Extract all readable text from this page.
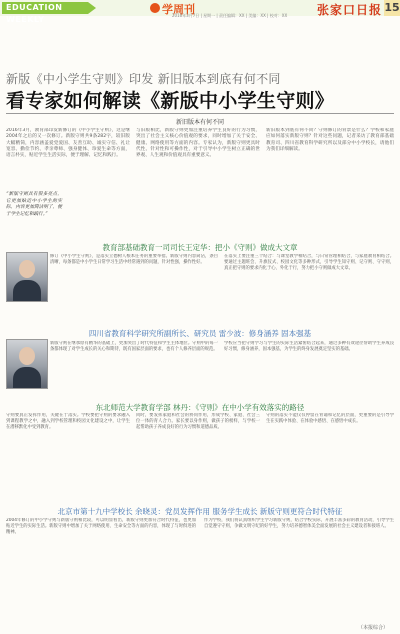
EDUCATION WEEKLY
学周刊
2016年3月7日 | 星期一 | 责任编辑：XX | 美编：XX | 校对：XX 张家口日报 15
新版《中小学生守则》印发 新旧版本到底有何不同
看专家如何解读《新版中小学生守则》
新旧版本有何不同
2016年3月，教育部印发新修订的《中小学生守则》，这是继2004年之后的又一次修订。新版守则共9条282字，较旧版大幅精简，内容涵盖爱党爱国、友善互助、诚实守信、礼让宽容、勤俭节约、孝亲尊师、强身健体、珍爱生命等方面，语言朴实，贴近学生生活实际，便于理解、记忆和践行。
“新版守则具有很多亮点，它更加贴近中小学生的实际，内容更加简洁明了，便于学生记忆和践行。”
与旧版相比，新版守则更加注重培养学生良好的行为习惯，突出了社会主义核心价值观的要求，同时增加了关于安全、健康、网络使用等方面的内容。专家认为，新版守则更具时代性、针对性和可操作性，对于引导中小学生树立正确的世界观、人生观和价值观具有重要意义。
新旧版本到底有何不同？守则修订的背景是什么？学校和家庭应如何落实新版守则？针对这些问题，记者采访了教育部基础教育司、四川省教育科学研究所以及部分中小学校长，请他们为我们详细解读。
教育部基础教育一司司长王定华：把小《守则》做成大文章
修订《中小学生守则》，是落实立德树人根本任务的重要举措。新版守则内容简洁，条目清晰，每条都是中小学生日常学习生活中经常遇到的问题，针对性强，操作性好。
在落实上要注重三个结合：与课堂教学相结合，与日常管理相结合，与家庭教育相结合。要通过主题班会、升旗仪式、校园文化等多种形式，引导学生知守则、记守则、守守则，真正把守则的要求内化于心、外化于行，努力把小守则做成大文章。
四川省教育科学研究所副所长、研究员 雷少波：修身涵养 固本强基
新版守则在继承原有精华的基础上，更加突出了时代特征和学生主体地位。守则中的每一条都体现了对学生成长的关心和期待，既有国家层面的要求，也有个人修养层面的规范。
学校应当把守则学习与学生的实际生活紧密结合起来，通过多种有效途径帮助学生养成良好习惯，修身涵养，固本强基，为学生的终身发展奠定坚实的基础。
东北师范大学教育学部 林丹：《守则》在中小学有效落实的路径
守则要真正发挥作用，关键在于落实。学校要把守则的要求融入到课程教学之中，融入到学校管理和校园文化建设之中，让学生在潜移默化中受到教育。
同时，要发挥家庭和社会的协同作用，形成学校、家庭、社会三位一体的育人合力。家长要以身作则，做孩子的榜样，与学校一起帮助孩子养成良好的行为习惯和道德品质。
守则的落实不能仅仅停留在背诵和记忆的层面，更重要的是引导学生在实践中体验、在体验中感悟、在感悟中成长。
北京市第十九中学校长 余晓灵：党员发挥作用 服务学生成长 新版守则更符合时代特征
2004年修订的中小学守则与新版守则相比较，可以明显看出，新版守则更加符合时代特征，也更加贴近学生的实际生活。新版守则中增加了关于网络使用、生命安全等方面的内容，体现了与时俱进的精神。
作为学校，我们将认真组织学生学习新版守则，结合学校实际，开展丰富多彩的教育活动，引导学生自觉遵守守则，争做文明守纪的好学生，努力培养德智体美全面发展的社会主义建设者和接班人。
（本报综合）
